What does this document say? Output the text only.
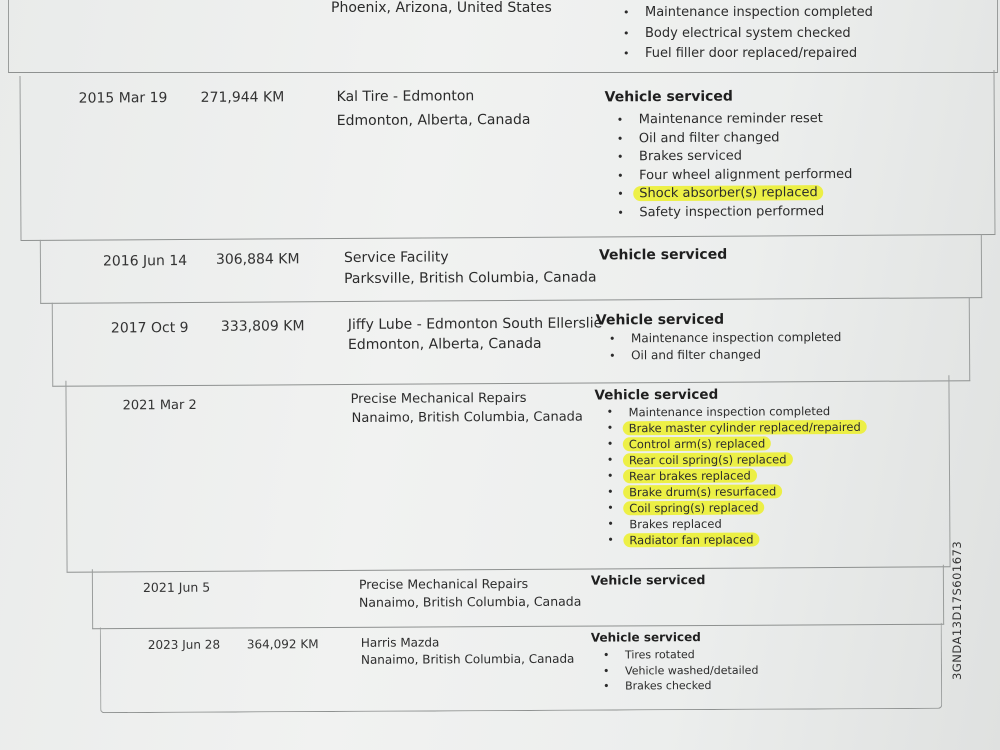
Phoenix, Arizona, United States
•	Maintenance inspection completed
• Body electrical system checked
• Fuel filler door replaced/repaired
2015 Mar 19 271,944 KM	Kal Tire - Edmonton
Edmonton, Alberta, Canada
Vehicle serviced
• Maintenance reminder reset
• Oil and filter changed
• Brakes serviced
• Four wheel alignment performed
• Shock absorber(s) replaced
• Safety inspection performed
2016 Jun 14 306,884 KM	Service Facility
Parksville, British Columbia, Canada
Vehicle serviced
2017 Oct 9 333,809 KM	Jiffy Lube - Edmonton South Ellerslie
Edmonton, Alberta, Canada
Vehicle serviced
• Maintenance inspection completed
• Oil and filter changed
2021 Mar 2	Precise Mechanical Repairs
Nanaimo, British Columbia, Canada
Vehicle serviced
• Maintenance inspection completed
• Brake master cylinder replaced/repaired
• Control arm(s) replaced
• Rear coil spring(s) replaced
• Rear brakes replaced
• Brake drum(s) resurfaced
• Coil spring(s) replaced
• Brakes replaced
• Radiator fan replaced
2021 Jun 5	Precise Mechanical Repairs
Nanaimo, British Columbia, Canada
Vehicle serviced
2023 Jun 28 364,092 KM	Harris Mazda
Nanaimo, British Columbia, Canada
Vehicle serviced
• Tires rotated
• Vehicle washed/detailed
• Brakes checked
3GNDA13D17S601673
